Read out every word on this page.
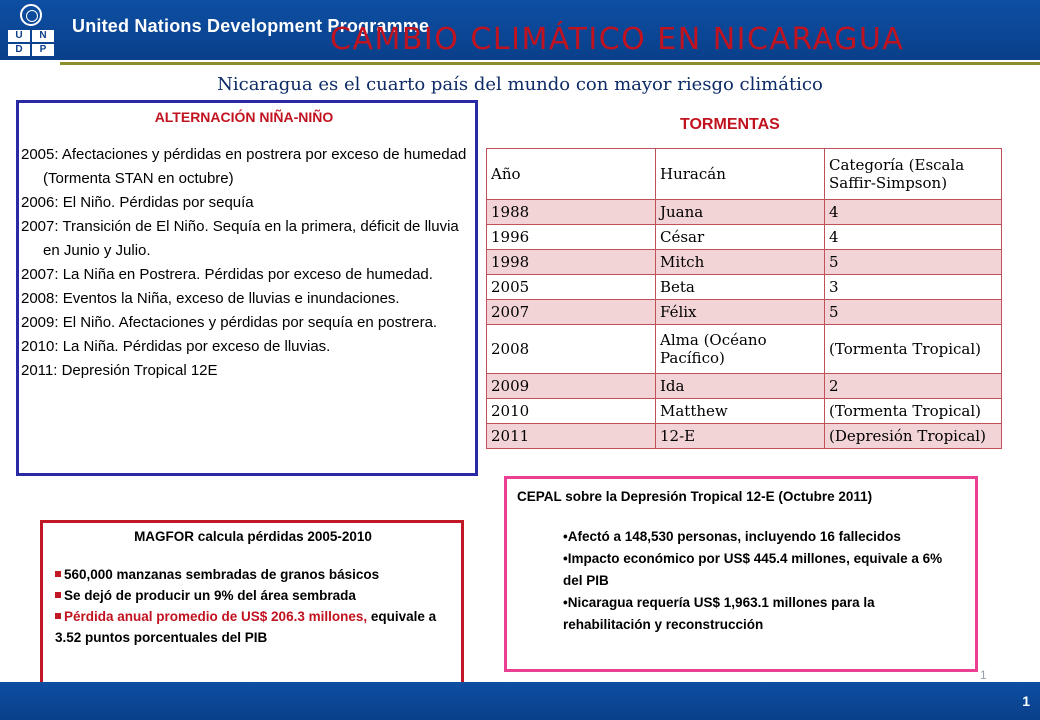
U	N
D	P
United Nations Development Programme
CAMBIO CLIMÁTICO EN NICARAGUA
Nicaragua es el cuarto país del mundo con mayor riesgo climático
ALTERNACIÓN NIÑA-NIÑO
2005: Afectaciones y pérdidas en postrera por exceso de humedad (Tormenta STAN en octubre)
2006: El Niño. Pérdidas por sequía
2007: Transición de El Niño. Sequía en la primera, déficit de lluvia en Junio y Julio.
2007: La Niña en Postrera. Pérdidas por exceso de humedad.
2008: Eventos la Niña, exceso de lluvias e inundaciones.
2009: El Niño. Afectaciones y pérdidas por sequía en postrera.
2010: La Niña. Pérdidas por exceso de lluvias.
2011: Depresión Tropical 12E
TORMENTAS
Año	Huracán	Categoría (Escala Saffir-Simpson)
1988	Juana	4
1996	César	4
1998	Mitch	5
2005	Beta	3
2007	Félix	5
2008	Alma (Océano Pacífico)	(Tormenta Tropical)
2009	Ida	2
2010	Matthew	(Tormenta Tropical)
2011	12-E	(Depresión Tropical)
CEPAL sobre la Depresión Tropical 12-E (Octubre 2011)
• Afectó a 148,530 personas, incluyendo 16 fallecidos
• Impacto económico por US$ 445.4 millones, equivale a 6% del PIB
• Nicaragua requería US$ 1,963.1 millones para la rehabilitación y reconstrucción
MAGFOR calcula pérdidas 2005-2010
560,000 manzanas sembradas de granos básicos
Se dejó de producir un 9% del área sembrada
Pérdida anual promedio de US$ 206.3 millones, equivale a 3.52 puntos porcentuales del PIB
1
1
